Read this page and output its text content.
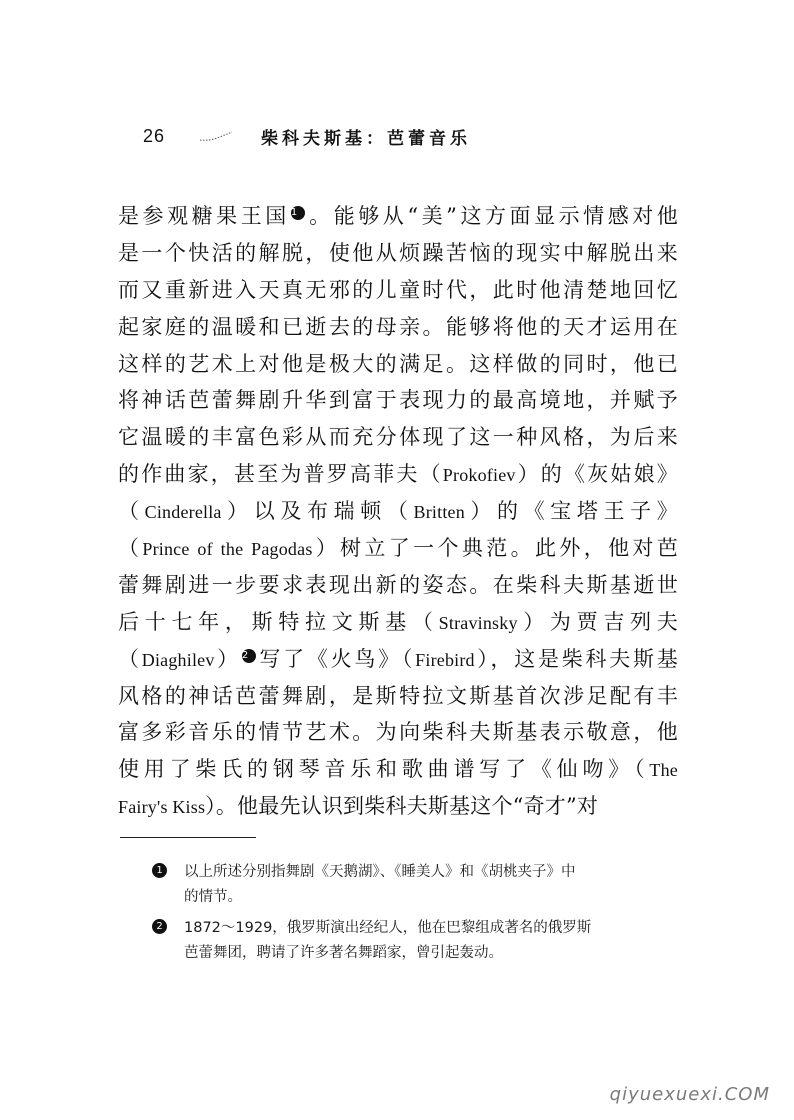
26	柴科夫斯基：芭蕾音乐
是参观糖果王国1 。能够从“美”这方面显示情感对他
是一个快活的解脱，使他从烦躁苦恼的现实中解脱出来
而又重新进入天真无邪的儿童时代，此时他清楚地回忆
起家庭的温暖和已逝去的母亲。能够将他的天才运用在
这样的艺术上对他是极大的满足。这样做的同时，他已
将神话芭蕾舞剧升华到富于表现力的最高境地，并赋予
它温暖的丰富色彩从而充分体现了这一种风格，为后来
的作曲家，甚至为普罗高菲夫（Prokofiev）的《灰姑娘》
（Cinderella）以及布瑞顿（Britten）的《宝塔王子》
（Prince of the Pagodas）树立了一个典范。此外，他对芭
蕾舞剧进一步要求表现出新的姿态。在柴科夫斯基逝世
后十七年，斯特拉文斯基（Stravinsky）为贾吉列夫
（Diaghilev）2 写了《火鸟》（Firebird），这是柴科夫斯基
风格的神话芭蕾舞剧，是斯特拉文斯基首次涉足配有丰
富多彩音乐的情节艺术。为向柴科夫斯基表示敬意，他
使用了柴氏的钢琴音乐和歌曲谱写了《仙吻》（The
Fairy's Kiss）。他最先认识到柴科夫斯基这个“奇才”对
1 以上所述分别指舞剧《天鹅湖》、《睡美人》和《胡桃夹子》中
的情节。
2 1872～1929，俄罗斯演出经纪人，他在巴黎组成著名的俄罗斯
芭蕾舞团，聘请了许多著名舞蹈家，曾引起轰动。
qiyuexuexi.COM
